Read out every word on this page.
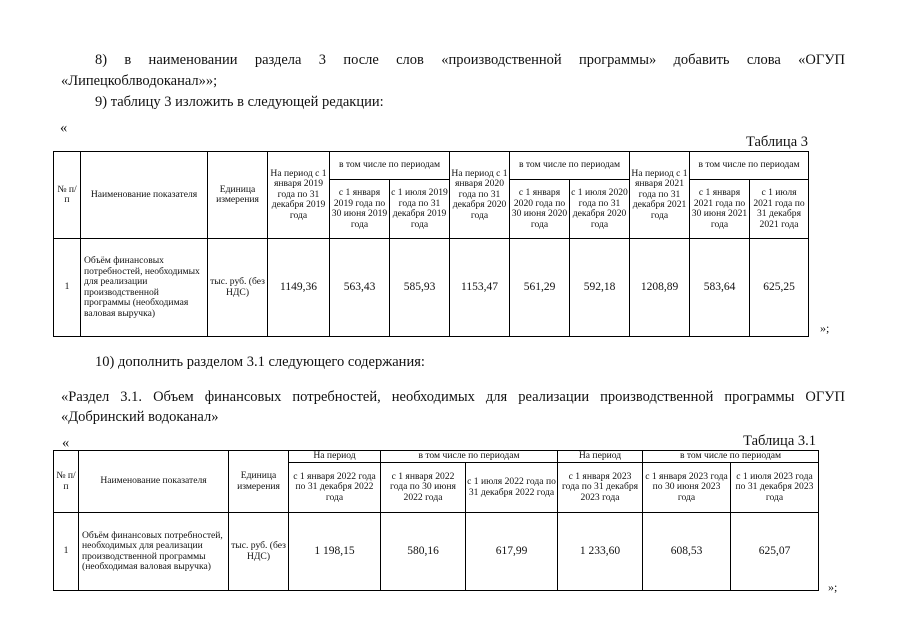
8) в наименовании раздела 3 после слов «производственной программы» добавить слова «ОГУП
«Липецкоблводоканал»»;
9) таблицу 3 изложить в следующей редакции:
«
Таблица 3
№ п/п	Наименование показателя	Единица измерения	На период с 1 января 2019 года по 31 декабря 2019 года	в том числе по периодам		На период с 1 января 2020 года по 31 декабря 2020 года	в том числе по периодам		На период с 1 января 2021 года по 31 декабря 2021 года	в том числе по периодам	
				с 1 января 2019 года по 30 июня 2019 года	с 1 июля 2019 года по 31 декабря 2019 года		с 1 января 2020 года по 30 июня 2020 года	с 1 июля 2020 года по 31 декабря 2020 года		с 1 января 2021 года по 30 июня 2021 года	с 1 июля 2021 года по 31 декабря 2021 года
1	Объём финансовых потребностей, необходимых для реализации производственной программы (необходимая валовая выручка)	тыс. руб. (без НДС)	1149,36	563,43	585,93	1153,47	561,29	592,18	1208,89	583,64	625,25
»;
10) дополнить разделом 3.1 следующего содержания:
«Раздел 3.1. Объем финансовых потребностей, необходимых для реализации производственной программы ОГУП
«Добринский водоканал»
«	Таблица 3.1
№ п/п	Наименование показателя	Единица измерения	На период	в том числе по периодам		На период	в том числе по периодам	
			с 1 января 2022 года по 31 декабря 2022 года	с 1 января 2022 года по 30 июня 2022 года	с 1 июля 2022 года по 31 декабря 2022 года	с 1 января 2023 года по 31 декабря 2023 года	с 1 января 2023 года по 30 июня 2023 года	с 1 июля 2023 года по 31 декабря 2023 года
1	Объём финансовых потребностей, необходимых для реализации производственной программы (необходимая валовая выручка)	тыс. руб. (без НДС)	1 198,15	580,16	617,99	1 233,60	608,53	625,07
»;
